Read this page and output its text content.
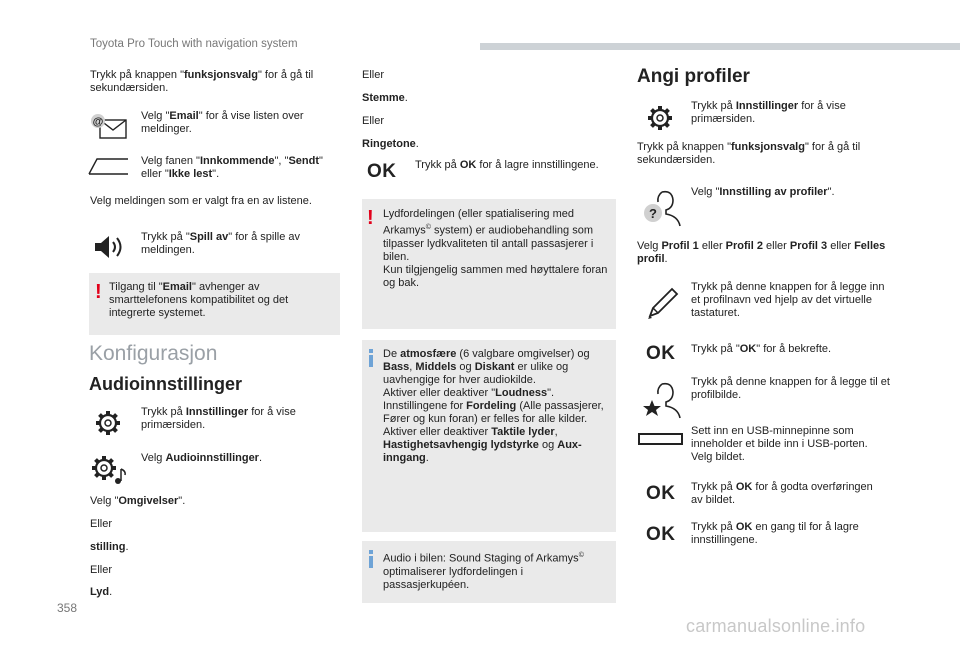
Toyota Pro Touch with navigation system
Trykk på knappen "funksjonsvalg" for å gå til sekundærsiden.
@	Velg "Email" for å vise listen over meldinger.
Velg fanen "Innkommende", "Sendt" eller "Ikke lest".
Velg meldingen som er valgt fra en av listene.
Trykk på "Spill av" for å spille av meldingen.
! Tilgang til "Email" avhenger av smarttelefonens kompatibilitet og det integrerte systemet.
Konfigurasjon
Audioinnstillinger
Trykk på Innstillinger for å vise primærsiden.
Velg Audioinnstillinger.
Velg "Omgivelser".
Eller
stilling.
Eller
Lyd.
Eller
Stemme.
Eller
Ringetone.
OK Trykk på OK for å lagre innstillingene.
! Lydfordelingen (eller spatialisering med Arkamys© system) er audiobehandling som tilpasser lydkvaliteten til antall passasjerer i bilen.
Kun tilgjengelig sammen med høyttalere foran og bak.
De atmosfære (6 valgbare omgivelser) og Bass, Middels og Diskant er ulike og uavhengige for hver audiokilde.
Aktiver eller deaktiver "Loudness".
Innstillingene for Fordeling (Alle passasjerer, Fører og kun foran) er felles for alle kilder.
Aktiver eller deaktiver Taktile lyder, Hastighetsavhengig lydstyrke og Aux-inngang.
Audio i bilen: Sound Staging of Arkamys© optimaliserer lydfordelingen i passasjerkupéen.
Angi profiler
Trykk på Innstillinger for å vise primærsiden.
Trykk på knappen "funksjonsvalg" for å gå til sekundærsiden.
?
Velg "Innstilling av profiler".
Velg Profil 1 eller Profil 2 eller Profil 3 eller Felles profil.
Trykk på denne knappen for å legge inn et profilnavn ved hjelp av det virtuelle tastaturet.
OK Trykk på "OK" for å bekrefte.
Trykk på denne knappen for å legge til et profilbilde.
Sett inn en USB-minnepinne som inneholder et bilde inn i USB-porten. Velg bildet.
OK Trykk på OK for å godta overføringen av bildet.
OK Trykk på OK en gang til for å lagre innstillingene.
358
carmanualsonline.info
